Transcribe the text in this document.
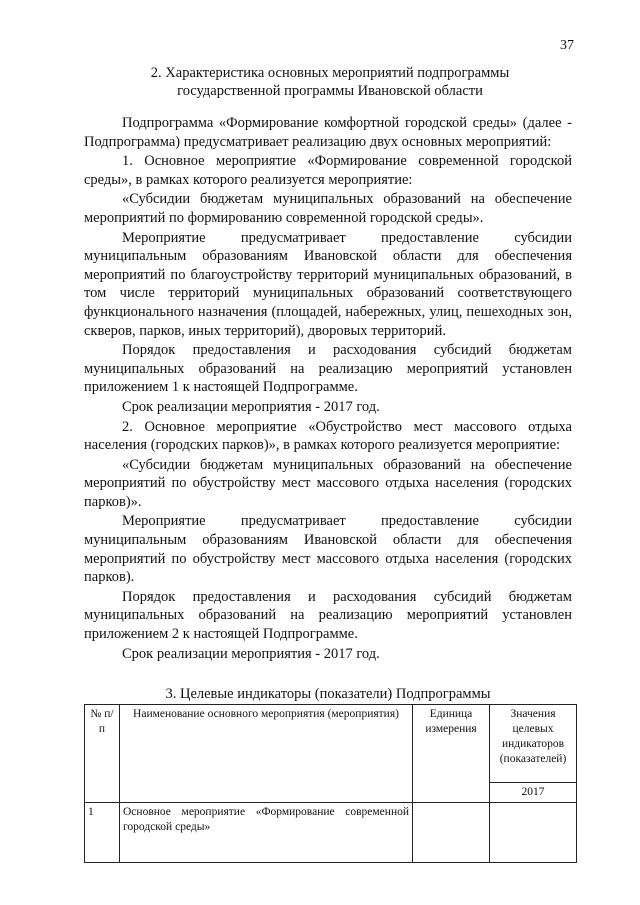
37
2. Характеристика основных мероприятий подпрограммы
государственной программы Ивановской области

Подпрограмма «Формирование комфортной городской среды» (далее - Подпрограмма) предусматривает реализацию двух основных мероприятий:

1. Основное мероприятие «Формирование современной городской среды», в рамках которого реализуется мероприятие:

«Субсидии бюджетам муниципальных образований на обеспечение мероприятий по формированию современной городской среды».

Мероприятие предусматривает предоставление субсидии муниципальным образованиям Ивановской области для обеспечения мероприятий по благоустройству территорий муниципальных образований, в том числе территорий муниципальных образований соответствующего функционального назначения (площадей, набережных, улиц, пешеходных зон, скверов, парков, иных территорий), дворовых территорий.

Порядок предоставления и расходования субсидий бюджетам муниципальных образований на реализацию мероприятий установлен приложением 1 к настоящей Подпрограмме.

Срок реализации мероприятия - 2017 год.

2. Основное мероприятие «Обустройство мест массового отдыха населения (городских парков)», в рамках которого реализуется мероприятие:

«Субсидии бюджетам муниципальных образований на обеспечение мероприятий по обустройству мест массового отдыха населения (городских парков)».

Мероприятие предусматривает предоставление субсидии муниципальным образованиям Ивановской области для обеспечения мероприятий по обустройству мест массового отдыха населения (городских парков).

Порядок предоставления и расходования субсидий бюджетам муниципальных образований на реализацию мероприятий установлен приложением 2 к настоящей Подпрограмме.

Срок реализации мероприятия - 2017 год.

3. Целевые индикаторы (показатели) Подпрограммы
№ п/п	Наименование основного мероприятия (мероприятия)	Единица измерения	Значения целевых индикаторов (показателей)
			2017
1	Основное мероприятие «Формирование современной городской среды»		
